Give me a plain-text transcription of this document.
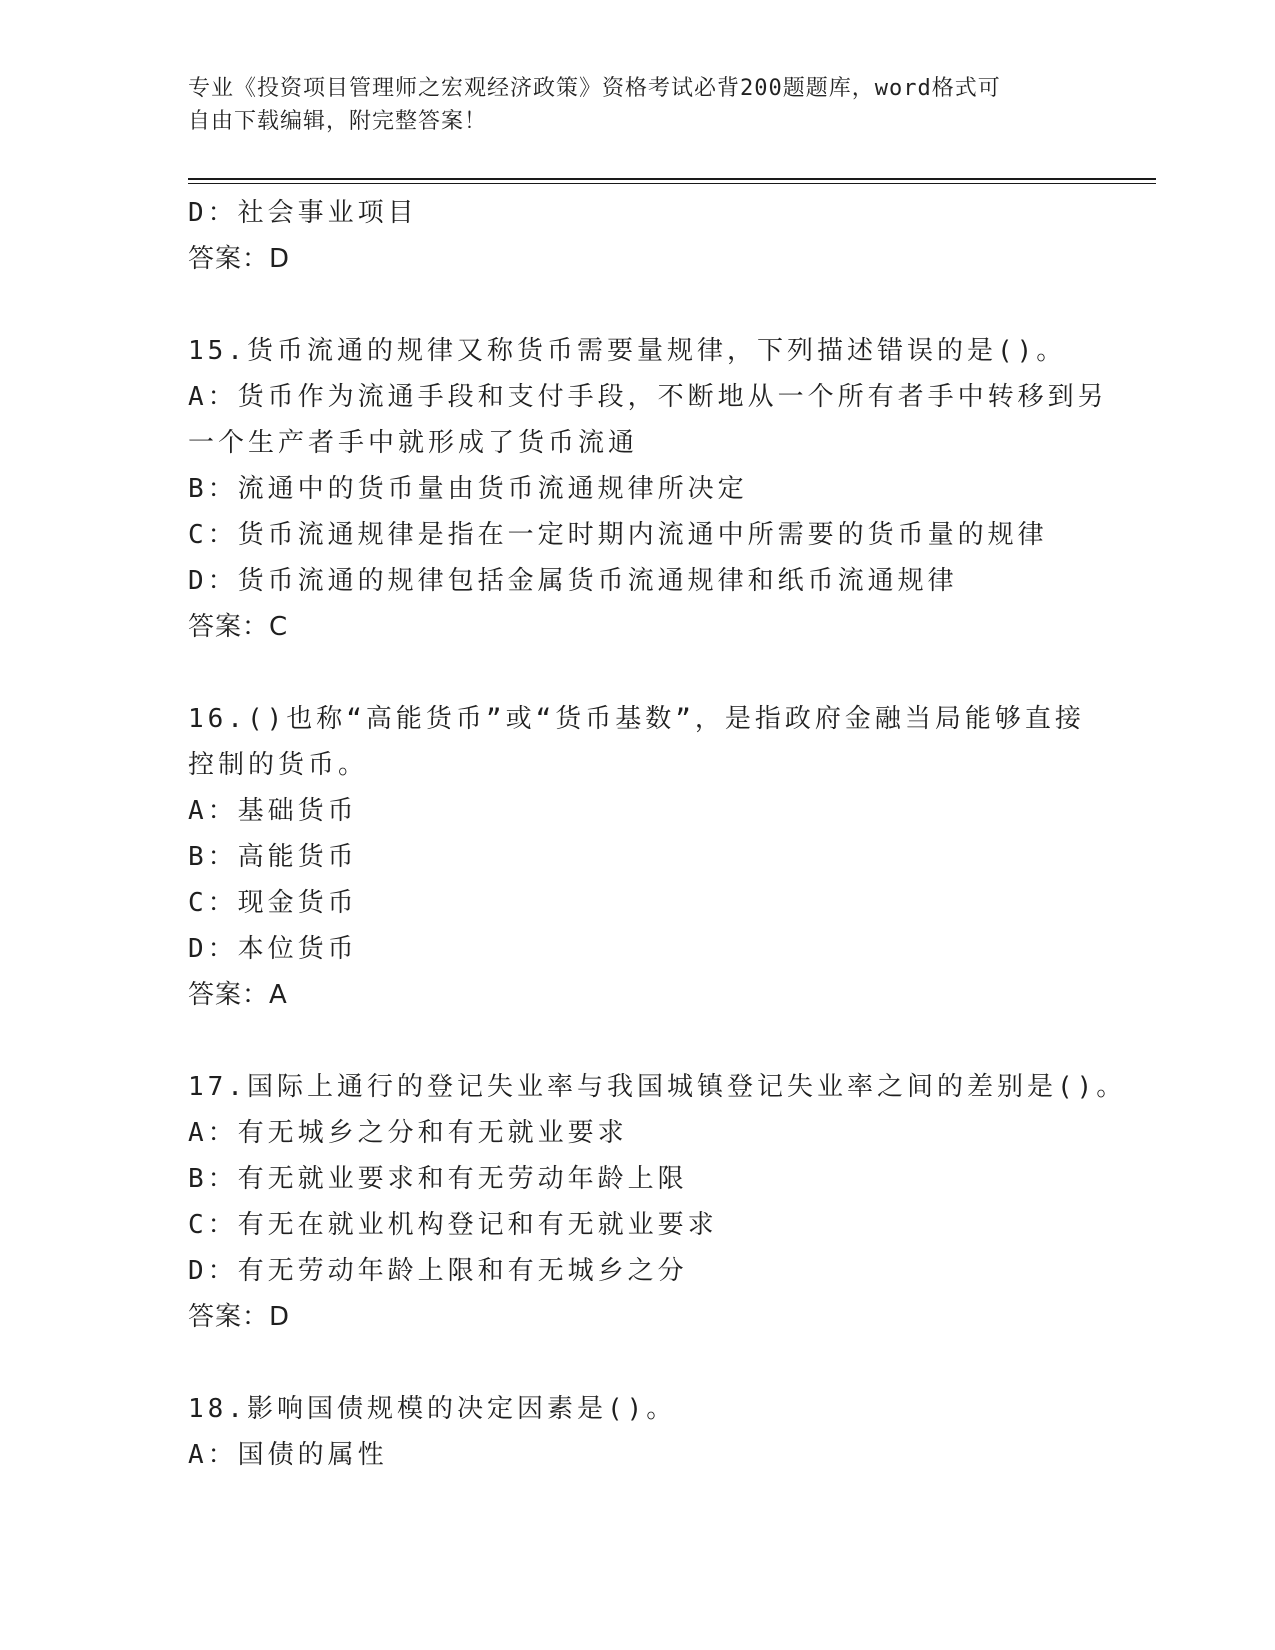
专业《投资项目管理师之宏观经济政策》资格考试必背200题题库，word格式可
自由下载编辑，附完整答案！
D：社会事业项目
答案：D
15.货币流通的规律又称货币需要量规律，下列描述错误的是()。
A：货币作为流通手段和支付手段，不断地从一个所有者手中转移到另
一个生产者手中就形成了货币流通
B：流通中的货币量由货币流通规律所决定
C：货币流通规律是指在一定时期内流通中所需要的货币量的规律
D：货币流通的规律包括金属货币流通规律和纸币流通规律
答案：C
16.()也称“高能货币”或“货币基数”，是指政府金融当局能够直接
控制的货币。
A：基础货币
B：高能货币
C：现金货币
D：本位货币
答案：A
17.国际上通行的登记失业率与我国城镇登记失业率之间的差别是()。
A：有无城乡之分和有无就业要求
B：有无就业要求和有无劳动年龄上限
C：有无在就业机构登记和有无就业要求
D：有无劳动年龄上限和有无城乡之分
答案：D
18.影响国债规模的决定因素是()。
A：国债的属性
